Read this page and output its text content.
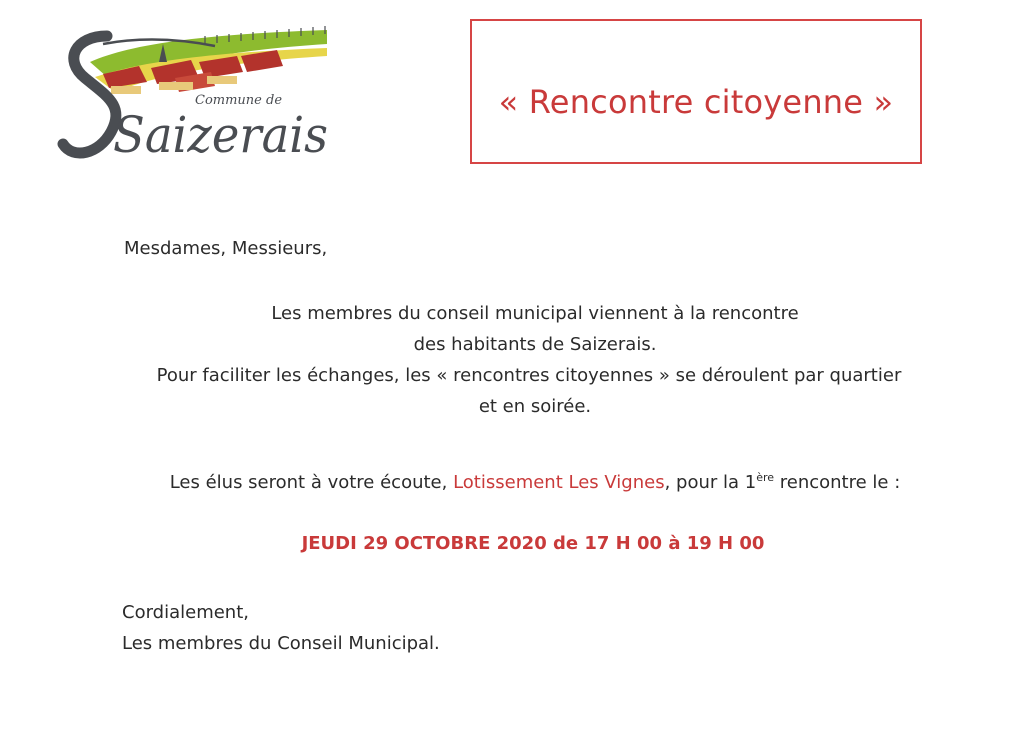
Commune de
Saizerais
« Rencontre citoyenne »
Mesdames, Messieurs,
Les membres du conseil municipal viennent à la rencontre
des habitants de Saizerais.
Pour faciliter les échanges, les « rencontres citoyennes » se déroulent par quartier
et en soirée.
Les élus seront à votre écoute, Lotissement Les Vignes, pour la 1ère rencontre le :
JEUDI 29 OCTOBRE 2020 de 17 H 00 à 19 H 00
Cordialement,
Les membres du Conseil Municipal.
